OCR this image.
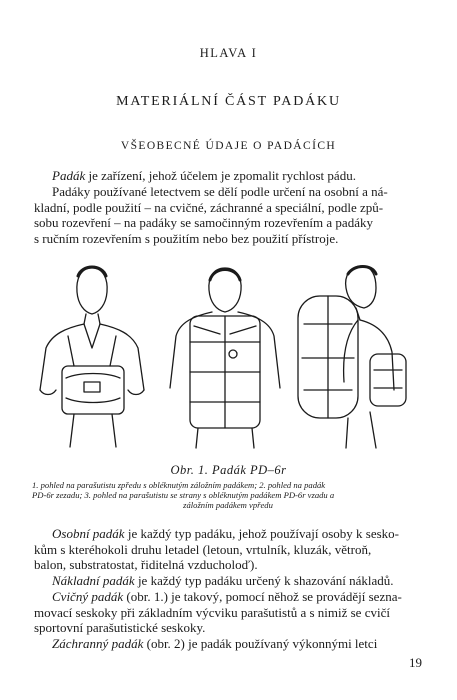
HLAVA I
MATERIÁLNÍ ČÁST PADÁKU
VŠEOBECNÉ ÚDAJE O PADÁCÍCH

Padák je zařízení, jehož účelem je zpomalit rychlost pádu.

Padáky používané letectvem se dělí podle určení na osobní a ná-
kladní, podle použití – na cvičné, záchranné a speciální, podle způ-
sobu rozevření – na padáky se samočinným rozevřením a padáky
s ručním rozevřením s použitím nebo bez použití přístroje.

Obr. 1. Padák PD–6r
1. pohled na parašutistu zpředu s obléknutým záložním padákem; 2. pohled na padák
PD-6r zezadu; 3. pohled na parašutistu se strany s obléknutým padákem PD-6r vzadu a

záložním padákem vpředu

Osobní padák je každý typ padáku, jehož používají osoby k sesko-
kům s kteréhokoli druhu letadel (letoun, vrtulník, kluzák, větroň,
balon, substratostat, řiditelná vzducholoď).

Nákladní padák je každý typ padáku určený k shazování nákladů.

Cvičný padák (obr. 1.) je takový, pomocí něhož se provádějí sezna-
movací seskoky při základním výcviku parašutistů a s nimiž se cvičí
sportovní parašutistické seskoky.

Záchranný padák (obr. 2) je padák používaný výkonnými letci

19
